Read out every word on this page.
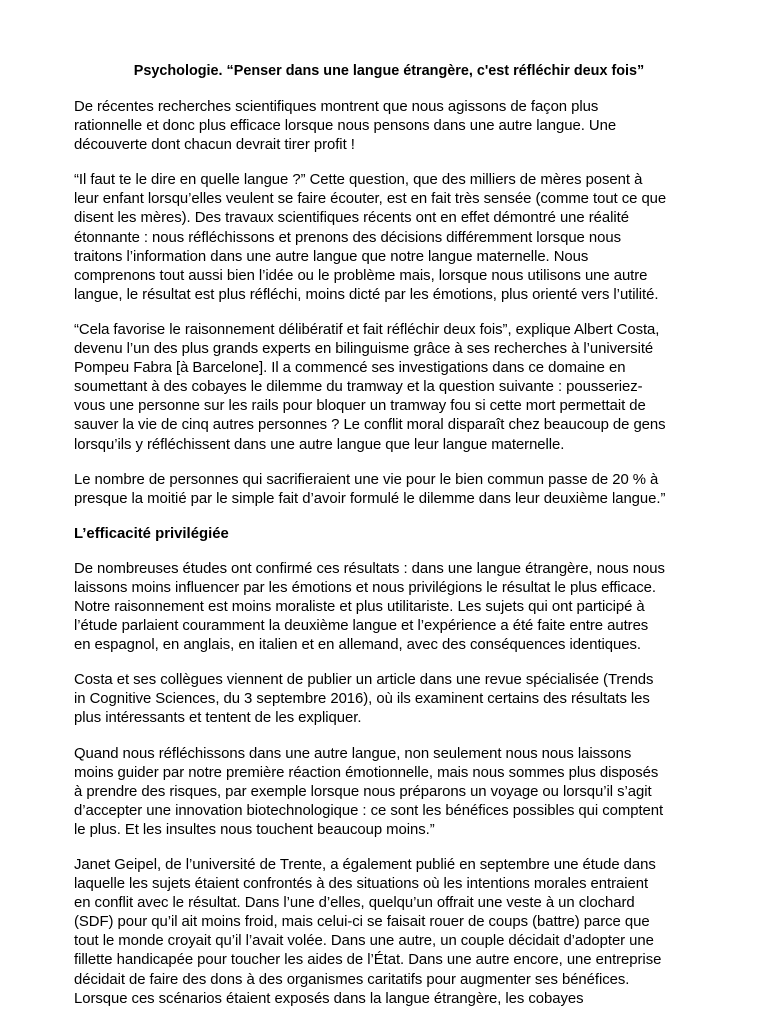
Psychologie. “Penser dans une langue étrangère, c'est réfléchir deux fois”
De récentes recherches scientifiques montrent que nous agissons de façon plus
rationnelle et donc plus efficace lorsque nous pensons dans une autre langue. Une
découverte dont chacun devrait tirer profit !
“Il faut te le dire en quelle langue ?” Cette question, que des milliers de mères posent à
leur enfant lorsqu’elles veulent se faire écouter, est en fait très sensée (comme tout ce que
disent les mères). Des travaux scientifiques récents ont en effet démontré une réalité
étonnante : nous réfléchissons et prenons des décisions différemment lorsque nous
traitons l’information dans une autre langue que notre langue maternelle. Nous
comprenons tout aussi bien l’idée ou le problème mais, lorsque nous utilisons une autre
langue, le résultat est plus réfléchi, moins dicté par les émotions, plus orienté vers l’utilité.
“Cela favorise le raisonnement délibératif et fait réfléchir deux fois”, explique Albert Costa,
devenu l’un des plus grands experts en bilinguisme grâce à ses recherches à l’université
Pompeu Fabra [à Barcelone]. Il a commencé ses investigations dans ce domaine en
soumettant à des cobayes le dilemme du tramway et la question suivante : pousseriez-
vous une personne sur les rails pour bloquer un tramway fou si cette mort permettait de
sauver la vie de cinq autres personnes ? Le conflit moral disparaît chez beaucoup de gens
lorsqu’ils y réfléchissent dans une autre langue que leur langue maternelle.
Le nombre de personnes qui sacrifieraient une vie pour le bien commun passe de 20 % à
presque la moitié par le simple fait d’avoir formulé le dilemme dans leur deuxième langue.”
L’efficacité privilégiée
De nombreuses études ont confirmé ces résultats : dans une langue étrangère, nous nous
laissons moins influencer par les émotions et nous privilégions le résultat le plus efficace.
Notre raisonnement est moins moraliste et plus utilitariste. Les sujets qui ont participé à
l’étude parlaient couramment la deuxième langue et l’expérience a été faite entre autres
en espagnol, en anglais, en italien et en allemand, avec des conséquences identiques.
Costa et ses collègues viennent de publier un article dans une revue spécialisée (Trends
in Cognitive Sciences, du 3 septembre 2016), où ils examinent certains des résultats les
plus intéressants et tentent de les expliquer.
Quand nous réfléchissons dans une autre langue, non seulement nous nous laissons
moins guider par notre première réaction émotionnelle, mais nous sommes plus disposés
à prendre des risques, par exemple lorsque nous préparons un voyage ou lorsqu’il s’agit
d’accepter une innovation biotechnologique : ce sont les bénéfices possibles qui comptent
le plus. Et les insultes nous touchent beaucoup moins.”
Janet Geipel, de l’université de Trente, a également publié en septembre une étude dans
laquelle les sujets étaient confrontés à des situations où les intentions morales entraient
en conflit avec le résultat. Dans l’une d’elles, quelqu’un offrait une veste à un clochard
(SDF) pour qu’il ait moins froid, mais celui-ci se faisait rouer de coups (battre) parce que
tout le monde croyait qu’il l’avait volée. Dans une autre, un couple décidait d’adopter une
fillette handicapée pour toucher les aides de l’État. Dans une autre encore, une entreprise
décidait de faire des dons à des organismes caritatifs pour augmenter ses bénéfices.
Lorsque ces scénarios étaient exposés dans la langue étrangère, les cobayes
